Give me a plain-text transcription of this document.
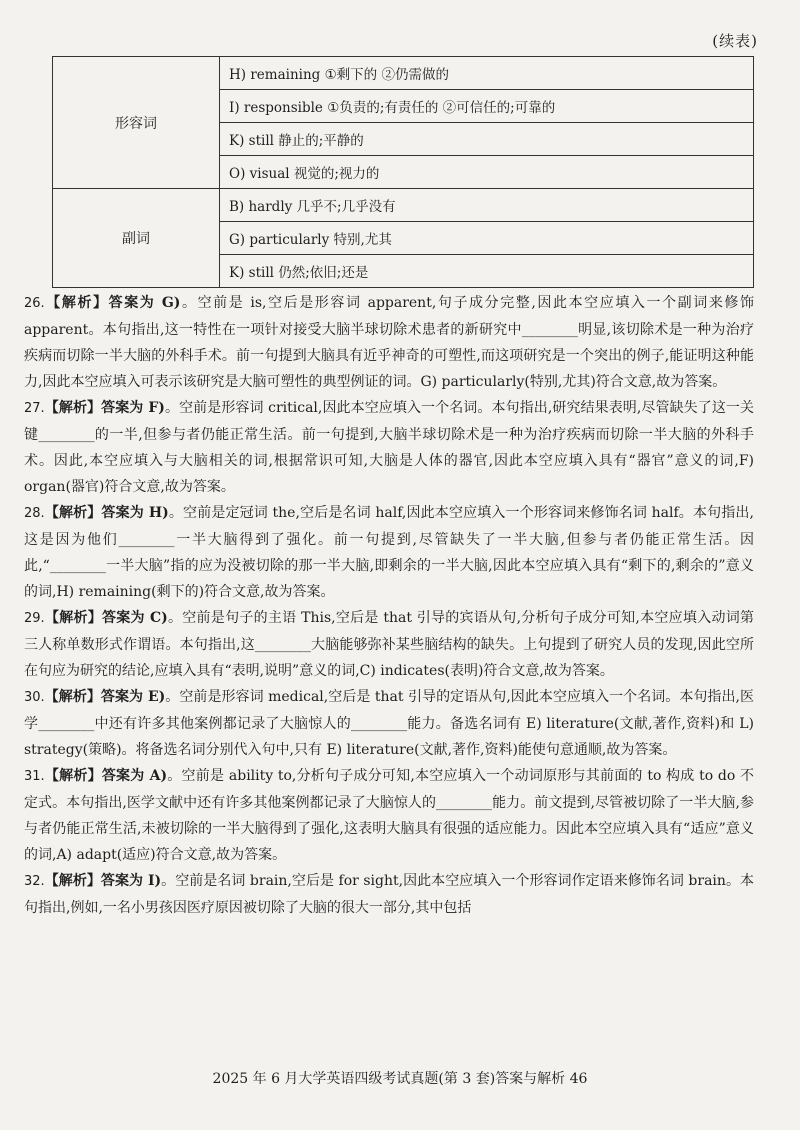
(续表)
形容词	H) remaining ①剩下的 ②仍需做的
	I) responsible ①负责的;有责任的 ②可信任的;可靠的
	K) still 静止的;平静的
	O) visual 视觉的;视力的
副词	B) hardly 几乎不;几乎没有
	G) particularly 特别,尤其
	K) still 仍然;依旧;还是
26.【解析】答案为 G)。空前是 is,空后是形容词 apparent,句子成分完整,因此本空应填入一个副词来修饰 apparent。本句指出,这一特性在一项针对接受大脑半球切除术患者的新研究中________明显,该切除术是一种为治疗疾病而切除一半大脑的外科手术。前一句提到大脑具有近乎神奇的可塑性,而这项研究是一个突出的例子,能证明这种能力,因此本空应填入可表示该研究是大脑可塑性的典型例证的词。G) particularly(特别,尤其)符合文意,故为答案。
27.【解析】答案为 F)。空前是形容词 critical,因此本空应填入一个名词。本句指出,研究结果表明,尽管缺失了这一关键________的一半,但参与者仍能正常生活。前一句提到,大脑半球切除术是一种为治疗疾病而切除一半大脑的外科手术。因此,本空应填入与大脑相关的词,根据常识可知,大脑是人体的器官,因此本空应填入具有“器官”意义的词,F) organ(器官)符合文意,故为答案。
28.【解析】答案为 H)。空前是定冠词 the,空后是名词 half,因此本空应填入一个形容词来修饰名词 half。本句指出,这是因为他们________一半大脑得到了强化。前一句提到,尽管缺失了一半大脑,但参与者仍能正常生活。因此,“________一半大脑”指的应为没被切除的那一半大脑,即剩余的一半大脑,因此本空应填入具有“剩下的,剩余的”意义的词,H) remaining(剩下的)符合文意,故为答案。
29.【解析】答案为 C)。空前是句子的主语 This,空后是 that 引导的宾语从句,分析句子成分可知,本空应填入动词第三人称单数形式作谓语。本句指出,这________大脑能够弥补某些脑结构的缺失。上句提到了研究人员的发现,因此空所在句应为研究的结论,应填入具有“表明,说明”意义的词,C) indicates(表明)符合文意,故为答案。
30.【解析】答案为 E)。空前是形容词 medical,空后是 that 引导的定语从句,因此本空应填入一个名词。本句指出,医学________中还有许多其他案例都记录了大脑惊人的________能力。备选名词有 E) literature(文献,著作,资料)和 L) strategy(策略)。将备选名词分别代入句中,只有 E) literature(文献,著作,资料)能使句意通顺,故为答案。
31.【解析】答案为 A)。空前是 ability to,分析句子成分可知,本空应填入一个动词原形与其前面的 to 构成 to do 不定式。本句指出,医学文献中还有许多其他案例都记录了大脑惊人的________能力。前文提到,尽管被切除了一半大脑,参与者仍能正常生活,未被切除的一半大脑得到了强化,这表明大脑具有很强的适应能力。因此本空应填入具有“适应”意义的词,A) adapt(适应)符合文意,故为答案。
32.【解析】答案为 I)。空前是名词 brain,空后是 for sight,因此本空应填入一个形容词作定语来修饰名词 brain。本句指出,例如,一名小男孩因医疗原因被切除了大脑的很大一部分,其中包括
2025 年 6 月大学英语四级考试真题(第 3 套)答案与解析 46
